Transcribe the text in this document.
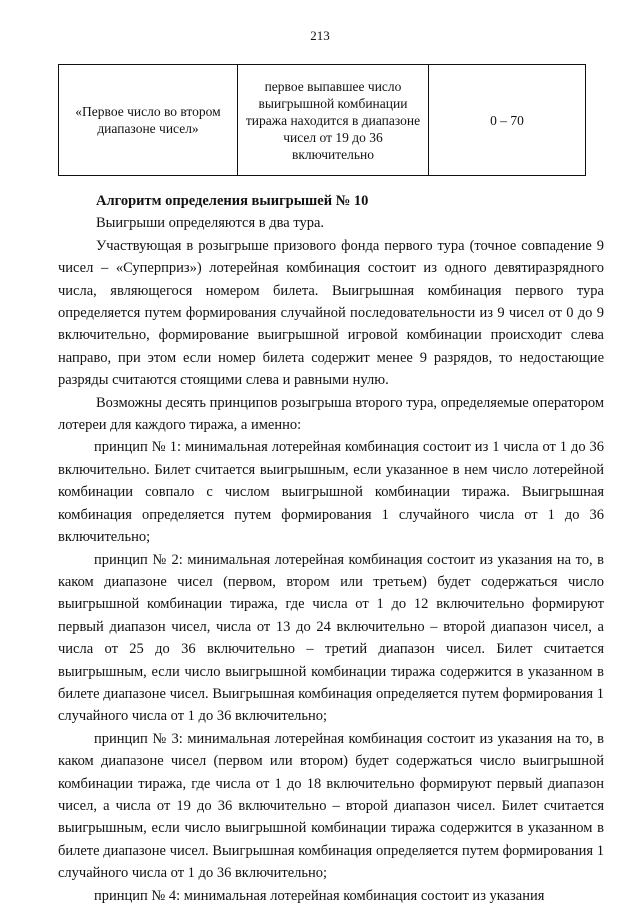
213
«Первое число во втором диапазоне чисел»	первое выпавшее число выигрышной комбинации тиража находится в диапазоне чисел от 19 до 36 включительно	0 – 70

Алгоритм определения выигрышей № 10

Выигрыши определяются в два тура.

Участвующая в розыгрыше призового фонда первого тура (точное совпадение 9 чисел – «Суперприз») лотерейная комбинация состоит из одного девятиразрядного числа, являющегося номером билета. Выигрышная комбинация первого тура определяется путем формирования случайной последовательности из 9 чисел от 0 до 9 включительно, формирование выигрышной игровой комбинации происходит слева направо, при этом если номер билета содержит менее 9 разрядов, то недостающие разряды считаются стоящими слева и равными нулю.

Возможны десять принципов розыгрыша второго тура, определяемые оператором лотереи для каждого тиража, а именно:

принцип № 1: минимальная лотерейная комбинация состоит из 1 числа от 1 до 36 включительно. Билет считается выигрышным, если указанное в нем число лотерейной комбинации совпало с числом выигрышной комбинации тиража. Выигрышная комбинация определяется путем формирования 1 случайного числа от 1 до 36 включительно;

принцип № 2: минимальная лотерейная комбинация состоит из указания на то, в каком диапазоне чисел (первом, втором или третьем) будет содержаться число выигрышной комбинации тиража, где числа от 1 до 12 включительно формируют первый диапазон чисел, числа от 13 до 24 включительно – второй диапазон чисел, а числа от 25 до 36 включительно – третий диапазон чисел. Билет считается выигрышным, если число выигрышной комбинации тиража содержится в указанном в билете диапазоне чисел. Выигрышная комбинация определяется путем формирования 1 случайного числа от 1 до 36 включительно;

принцип № 3: минимальная лотерейная комбинация состоит из указания на то, в каком диапазоне чисел (первом или втором) будет содержаться число выигрышной комбинации тиража, где числа от 1 до 18 включительно формируют первый диапазон чисел, а числа от 19 до 36 включительно – второй диапазон чисел. Билет считается выигрышным, если число выигрышной комбинации тиража содержится в указанном в билете диапазоне чисел. Выигрышная комбинация определяется путем формирования 1 случайного числа от 1 до 36 включительно;

принцип № 4: минимальная лотерейная комбинация состоит из указания
